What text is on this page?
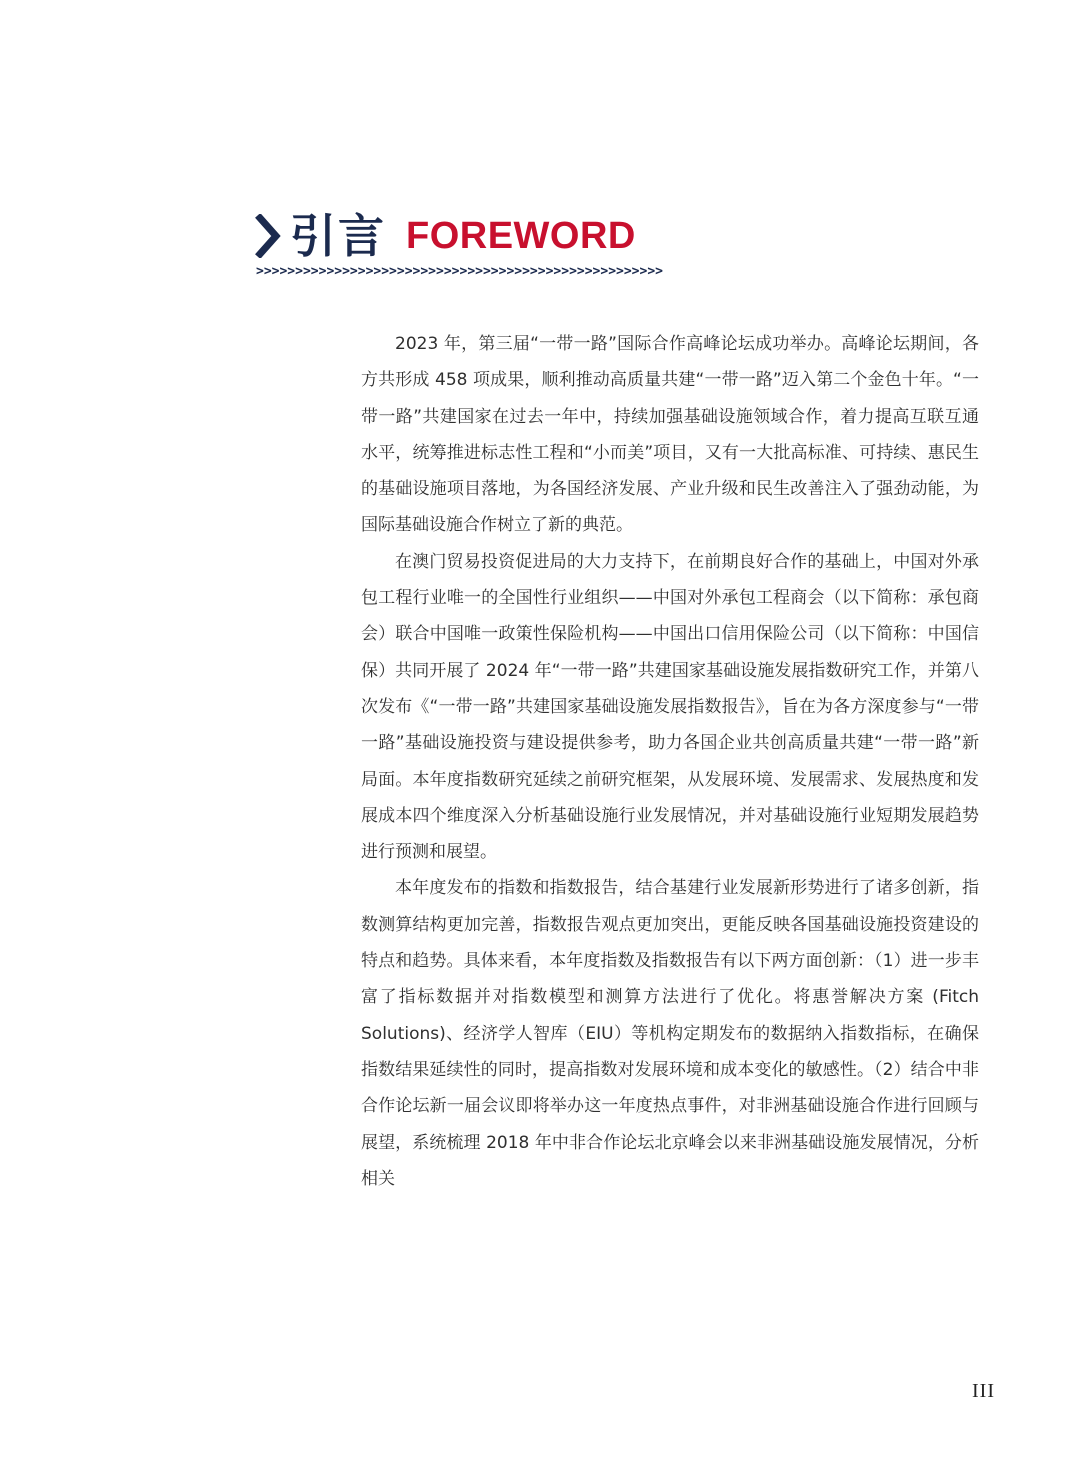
引言 FOREWORD
>>>>>>>>>>>>>>>>>>>>>>>>>>>>>>>>>>>>>>>>>>>>>>>>>>>>

2023 年，第三届“一带一路”国际合作高峰论坛成功举办。高峰论坛期间，各方共形成 458 项成果，顺利推动高质量共建“一带一路”迈入第二个金色十年。“一带一路”共建国家在过去一年中，持续加强基础设施领域合作，着力提高互联互通水平，统筹推进标志性工程和“小而美”项目，又有一大批高标准、可持续、惠民生的基础设施项目落地，为各国经济发展、产业升级和民生改善注入了强劲动能，为国际基础设施合作树立了新的典范。

在澳门贸易投资促进局的大力支持下，在前期良好合作的基础上，中国对外承包工程行业唯一的全国性行业组织——中国对外承包工程商会（以下简称：承包商会）联合中国唯一政策性保险机构——中国出口信用保险公司（以下简称：中国信保）共同开展了 2024 年“一带一路”共建国家基础设施发展指数研究工作，并第八次发布《“一带一路”共建国家基础设施发展指数报告》，旨在为各方深度参与“一带一路”基础设施投资与建设提供参考，助力各国企业共创高质量共建“一带一路”新局面。本年度指数研究延续之前研究框架，从发展环境、发展需求、发展热度和发展成本四个维度深入分析基础设施行业发展情况，并对基础设施行业短期发展趋势进行预测和展望。

本年度发布的指数和指数报告，结合基建行业发展新形势进行了诸多创新，指数测算结构更加完善，指数报告观点更加突出，更能反映各国基础设施投资建设的特点和趋势。具体来看，本年度指数及指数报告有以下两方面创新：（1）进一步丰富了指标数据并对指数模型和测算方法进行了优化。将惠誉解决方案 (Fitch Solutions)、经济学人智库（EIU）等机构定期发布的数据纳入指数指标，在确保指数结果延续性的同时，提高指数对发展环境和成本变化的敏感性。（2）结合中非合作论坛新一届会议即将举办这一年度热点事件，对非洲基础设施合作进行回顾与展望，系统梳理 2018 年中非合作论坛北京峰会以来非洲基础设施发展情况，分析相关

III
